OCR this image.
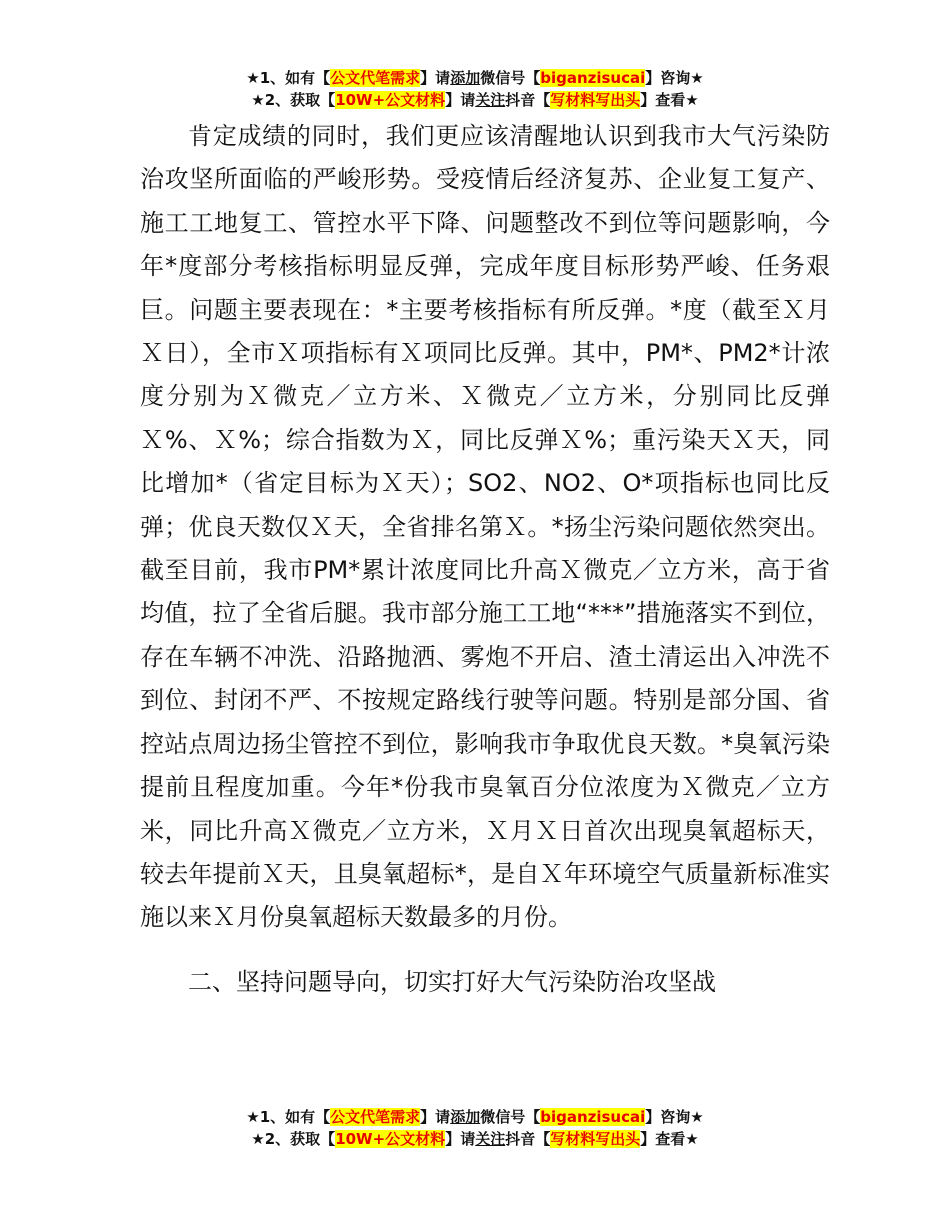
★1、如有【公文代笔需求】请添加微信号【biganzisucai】咨询★
★2、获取【10W+公文材料】请关注抖音【写材料写出头】查看★

肯定成绩的同时，我们更应该清醒地认识到我市大气污染防治攻坚所面临的严峻形势。受疫情后经济复苏、企业复工复产、施工工地复工、管控水平下降、问题整改不到位等问题影响，今年*度部分考核指标明显反弹，完成年度目标形势严峻、任务艰巨。问题主要表现在：*主要考核指标有所反弹。*度（截至Ｘ月Ｘ日），全市Ｘ项指标有Ｘ项同比反弹。其中，PM*、PM2*计浓度分别为Ｘ微克／立方米、Ｘ微克／立方米，分别同比反弹Ｘ%、Ｘ%；综合指数为Ｘ，同比反弹Ｘ%；重污染天Ｘ天，同比增加*（省定目标为Ｘ天）；SO2、NO2、O*项指标也同比反弹；优良天数仅Ｘ天，全省排名第Ｘ。*扬尘污染问题依然突出。截至目前，我市PM*累计浓度同比升高Ｘ微克／立方米，高于省均值，拉了全省后腿。我市部分施工工地“***”措施落实不到位，存在车辆不冲洗、沿路抛洒、雾炮不开启、渣土清运出入冲洗不到位、封闭不严、不按规定路线行驶等问题。特别是部分国、省控站点周边扬尘管控不到位，影响我市争取优良天数。*臭氧污染提前且程度加重。今年*份我市臭氧百分位浓度为Ｘ微克／立方米，同比升高Ｘ微克／立方米，Ｘ月Ｘ日首次出现臭氧超标天，较去年提前Ｘ天，且臭氧超标*，是自Ｘ年环境空气质量新标准实施以来Ｘ月份臭氧超标天数最多的月份。

二、坚持问题导向，切实打好大气污染防治攻坚战

★1、如有【公文代笔需求】请添加微信号【biganzisucai】咨询★
★2、获取【10W+公文材料】请关注抖音【写材料写出头】查看★
